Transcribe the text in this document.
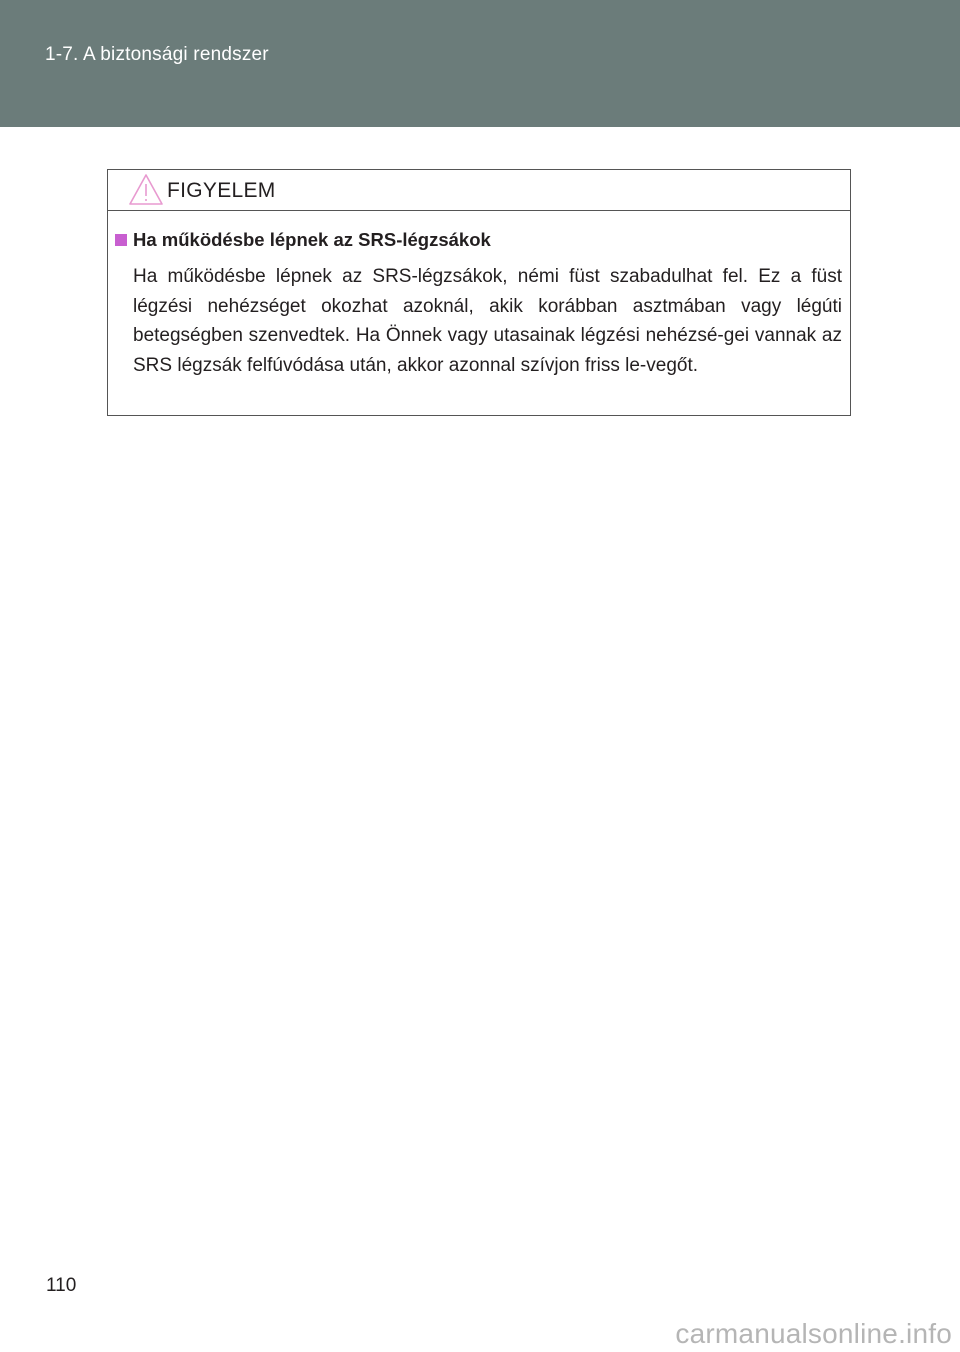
1-7. A biztonsági rendszer
FIGYELEM
Ha működésbe lépnek az SRS-légzsákok

Ha működésbe lépnek az SRS-légzsákok, némi füst szabadulhat fel. Ez a füst légzési nehézséget okozhat azoknál, akik korábban asztmában vagy légúti betegségben szenvedtek. Ha Önnek vagy utasainak légzési nehézsé-gei vannak az SRS légzsák felfúvódása után, akkor azonnal szívjon friss le-vegőt.

110
carmanualsonline.info
